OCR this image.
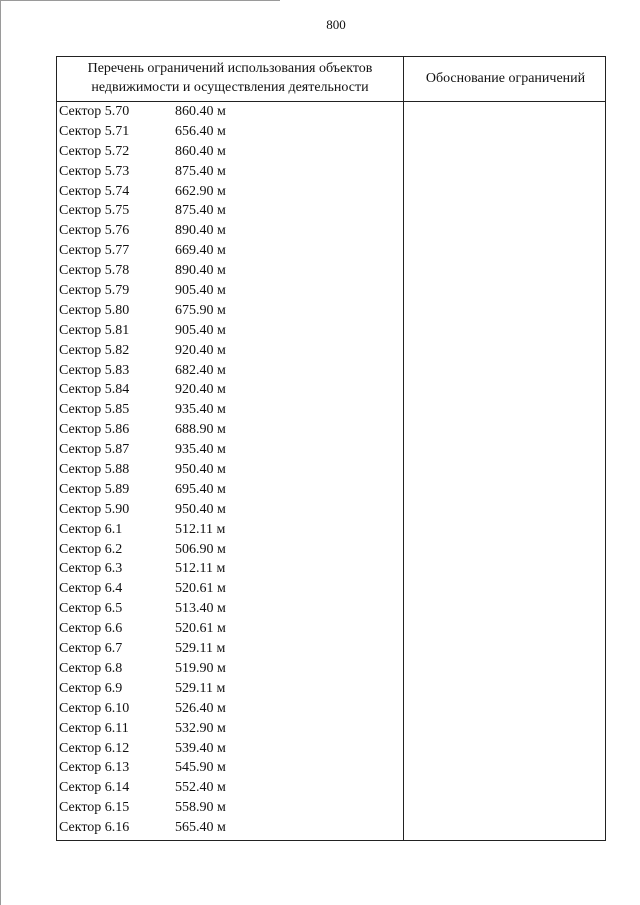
800
Перечень ограничений использования объектов
недвижимости и осуществления деятельности
Обоснование ограничений
Сектор 5.70	860.40 м
Сектор 5.71	656.40 м
Сектор 5.72	860.40 м
Сектор 5.73	875.40 м
Сектор 5.74	662.90 м
Сектор 5.75	875.40 м
Сектор 5.76	890.40 м
Сектор 5.77	669.40 м
Сектор 5.78	890.40 м
Сектор 5.79	905.40 м
Сектор 5.80	675.90 м
Сектор 5.81	905.40 м
Сектор 5.82	920.40 м
Сектор 5.83	682.40 м
Сектор 5.84	920.40 м
Сектор 5.85	935.40 м
Сектор 5.86	688.90 м
Сектор 5.87	935.40 м
Сектор 5.88	950.40 м
Сектор 5.89	695.40 м
Сектор 5.90	950.40 м
Сектор 6.1	512.11 м
Сектор 6.2	506.90 м
Сектор 6.3	512.11 м
Сектор 6.4	520.61 м
Сектор 6.5	513.40 м
Сектор 6.6	520.61 м
Сектор 6.7	529.11 м
Сектор 6.8	519.90 м
Сектор 6.9	529.11 м
Сектор 6.10	526.40 м
Сектор 6.11	532.90 м
Сектор 6.12	539.40 м
Сектор 6.13	545.90 м
Сектор 6.14	552.40 м
Сектор 6.15	558.90 м
Сектор 6.16	565.40 м
